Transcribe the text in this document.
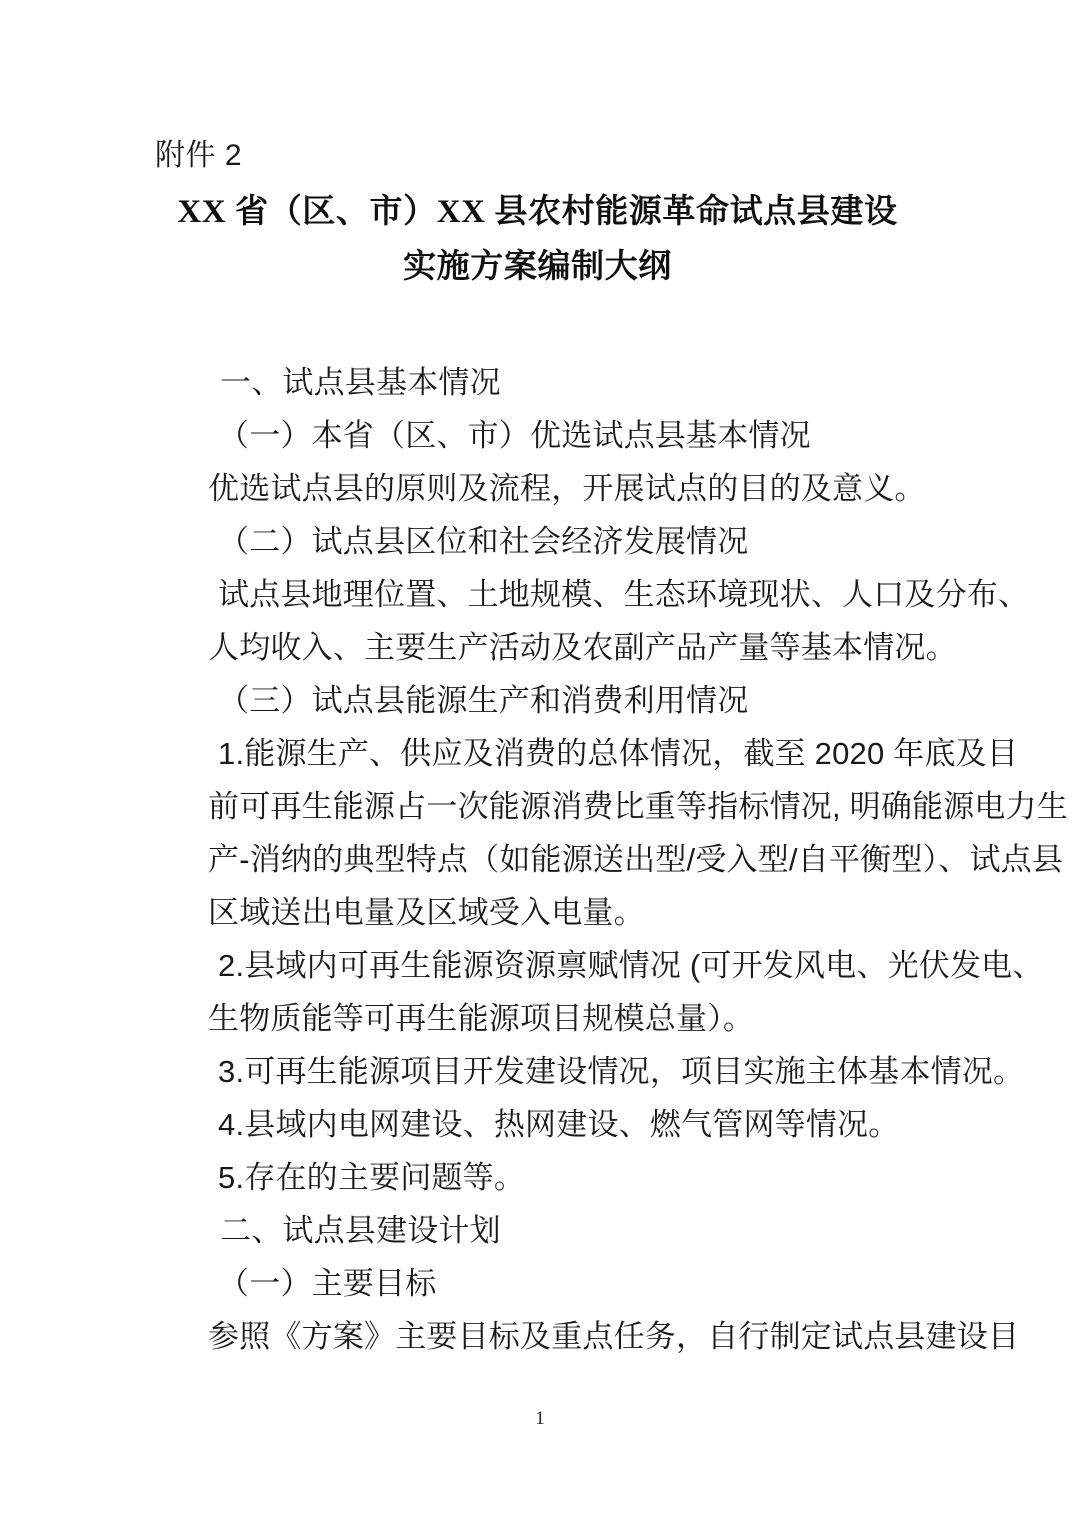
附件 2
XX 省（区、市）XX 县农村能源革命试点县建设
实施方案编制大纲
一、试点县基本情况
（一）本省（区、市）优选试点县基本情况
优选试点县的原则及流程，开展试点的目的及意义。
（二）试点县区位和社会经济发展情况
试点县地理位置、土地规模、生态环境现状、人口及分布、
人均收入、主要生产活动及农副产品产量等基本情况。
（三）试点县能源生产和消费利用情况
1.能源生产、供应及消费的总体情况，截至 2020 年底及目
前可再生能源占一次能源消费比重等指标情况, 明确能源电力生
产-消纳的典型特点（如能源送出型/受入型/自平衡型）、试点县
区域送出电量及区域受入电量。
2.县域内可再生能源资源禀赋情况 (可开发风电、光伏发电、
生物质能等可再生能源项目规模总量）。
3.可再生能源项目开发建设情况，项目实施主体基本情况。
4.县域内电网建设、热网建设、燃气管网等情况。
5.存在的主要问题等。
二、试点县建设计划
（一）主要目标
参照《方案》主要目标及重点任务，自行制定试点县建设目
1
